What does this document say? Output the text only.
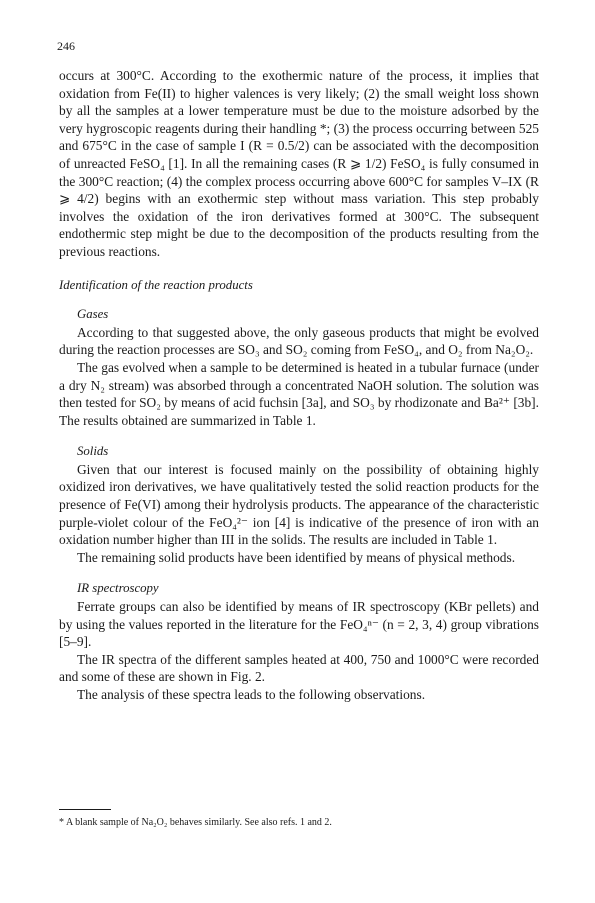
246

occurs at 300°C. According to the exothermic nature of the process, it implies that oxidation from Fe(II) to higher valences is very likely; (2) the small weight loss shown by all the samples at a lower temperature must be due to the moisture adsorbed by the very hygroscopic reagents during their handling *; (3) the process occurring between 525 and 675°C in the case of sample I (R = 0.5/2) can be associated with the decomposition of unreacted FeSO₄ [1]. In all the remaining cases (R ⩾ 1/2) FeSO₄ is fully consumed in the 300°C reaction; (4) the complex process occurring above 600°C for samples V–IX (R ⩾ 4/2) begins with an exothermic step without mass variation. This step probably involves the oxidation of the iron derivatives formed at 300°C. The subsequent endothermic step might be due to the decomposition of the products resulting from the previous reactions.

Identification of the reaction products

Gases

According to that suggested above, the only gaseous products that might be evolved during the reaction processes are SO₃ and SO₂ coming from FeSO₄, and O₂ from Na₂O₂.

The gas evolved when a sample to be determined is heated in a tubular furnace (under a dry N₂ stream) was absorbed through a concentrated NaOH solution. The solution was then tested for SO₂ by means of acid fuchsin [3a], and SO₃ by rhodizonate and Ba²⁺ [3b]. The results obtained are summarized in Table 1.

Solids

Given that our interest is focused mainly on the possibility of obtaining highly oxidized iron derivatives, we have qualitatively tested the solid reaction products for the presence of Fe(VI) among their hydrolysis products. The appearance of the characteristic purple-violet colour of the FeO₄²⁻ ion [4] is indicative of the presence of iron with an oxidation number higher than III in the solids. The results are included in Table 1.

The remaining solid products have been identified by means of physical methods.

IR spectroscopy

Ferrate groups can also be identified by means of IR spectroscopy (KBr pellets) and by using the values reported in the literature for the FeO₄ⁿ⁻ (n = 2, 3, 4) group vibrations [5–9].

The IR spectra of the different samples heated at 400, 750 and 1000°C were recorded and some of these are shown in Fig. 2.

The analysis of these spectra leads to the following observations.

* A blank sample of Na₂O₂ behaves similarly. See also refs. 1 and 2.
